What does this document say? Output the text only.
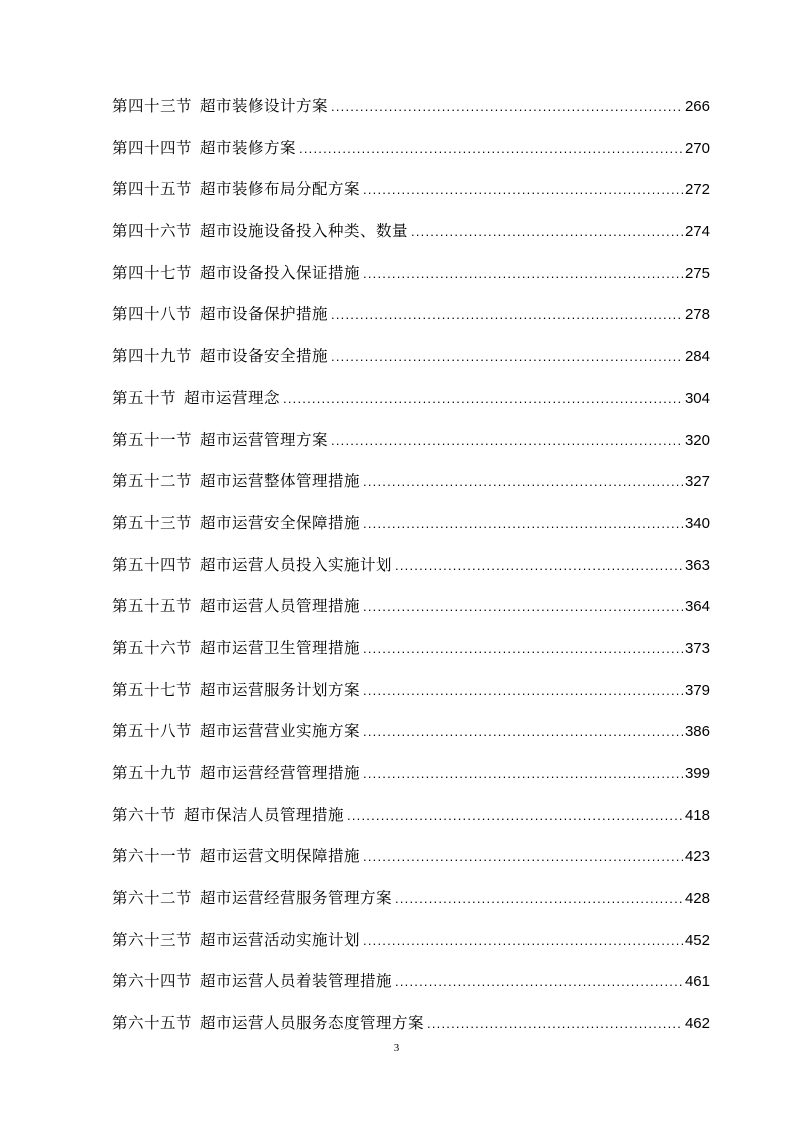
第四十三节 超市装修设计方案 .....	266
第四十四节 超市装修方案 .....	270
第四十五节 超市装修布局分配方案 .....	272
第四十六节 超市设施设备投入种类、数量 .....	274
第四十七节 超市设备投入保证措施 .....	275
第四十八节 超市设备保护措施 .....	278
第四十九节 超市设备安全措施 .....	284
第五十节 超市运营理念 .....	304
第五十一节 超市运营管理方案 .....	320
第五十二节 超市运营整体管理措施 .....	327
第五十三节 超市运营安全保障措施 .....	340
第五十四节 超市运营人员投入实施计划 .....	363
第五十五节 超市运营人员管理措施 .....	364
第五十六节 超市运营卫生管理措施 .....	373
第五十七节 超市运营服务计划方案 .....	379
第五十八节 超市运营营业实施方案 .....	386
第五十九节 超市运营经营管理措施 .....	399
第六十节 超市保洁人员管理措施 .....	418
第六十一节 超市运营文明保障措施 .....	423
第六十二节 超市运营经营服务管理方案 .....	428
第六十三节 超市运营活动实施计划 .....	452
第六十四节 超市运营人员着装管理措施 .....	461
第六十五节 超市运营人员服务态度管理方案 .....	462
3
